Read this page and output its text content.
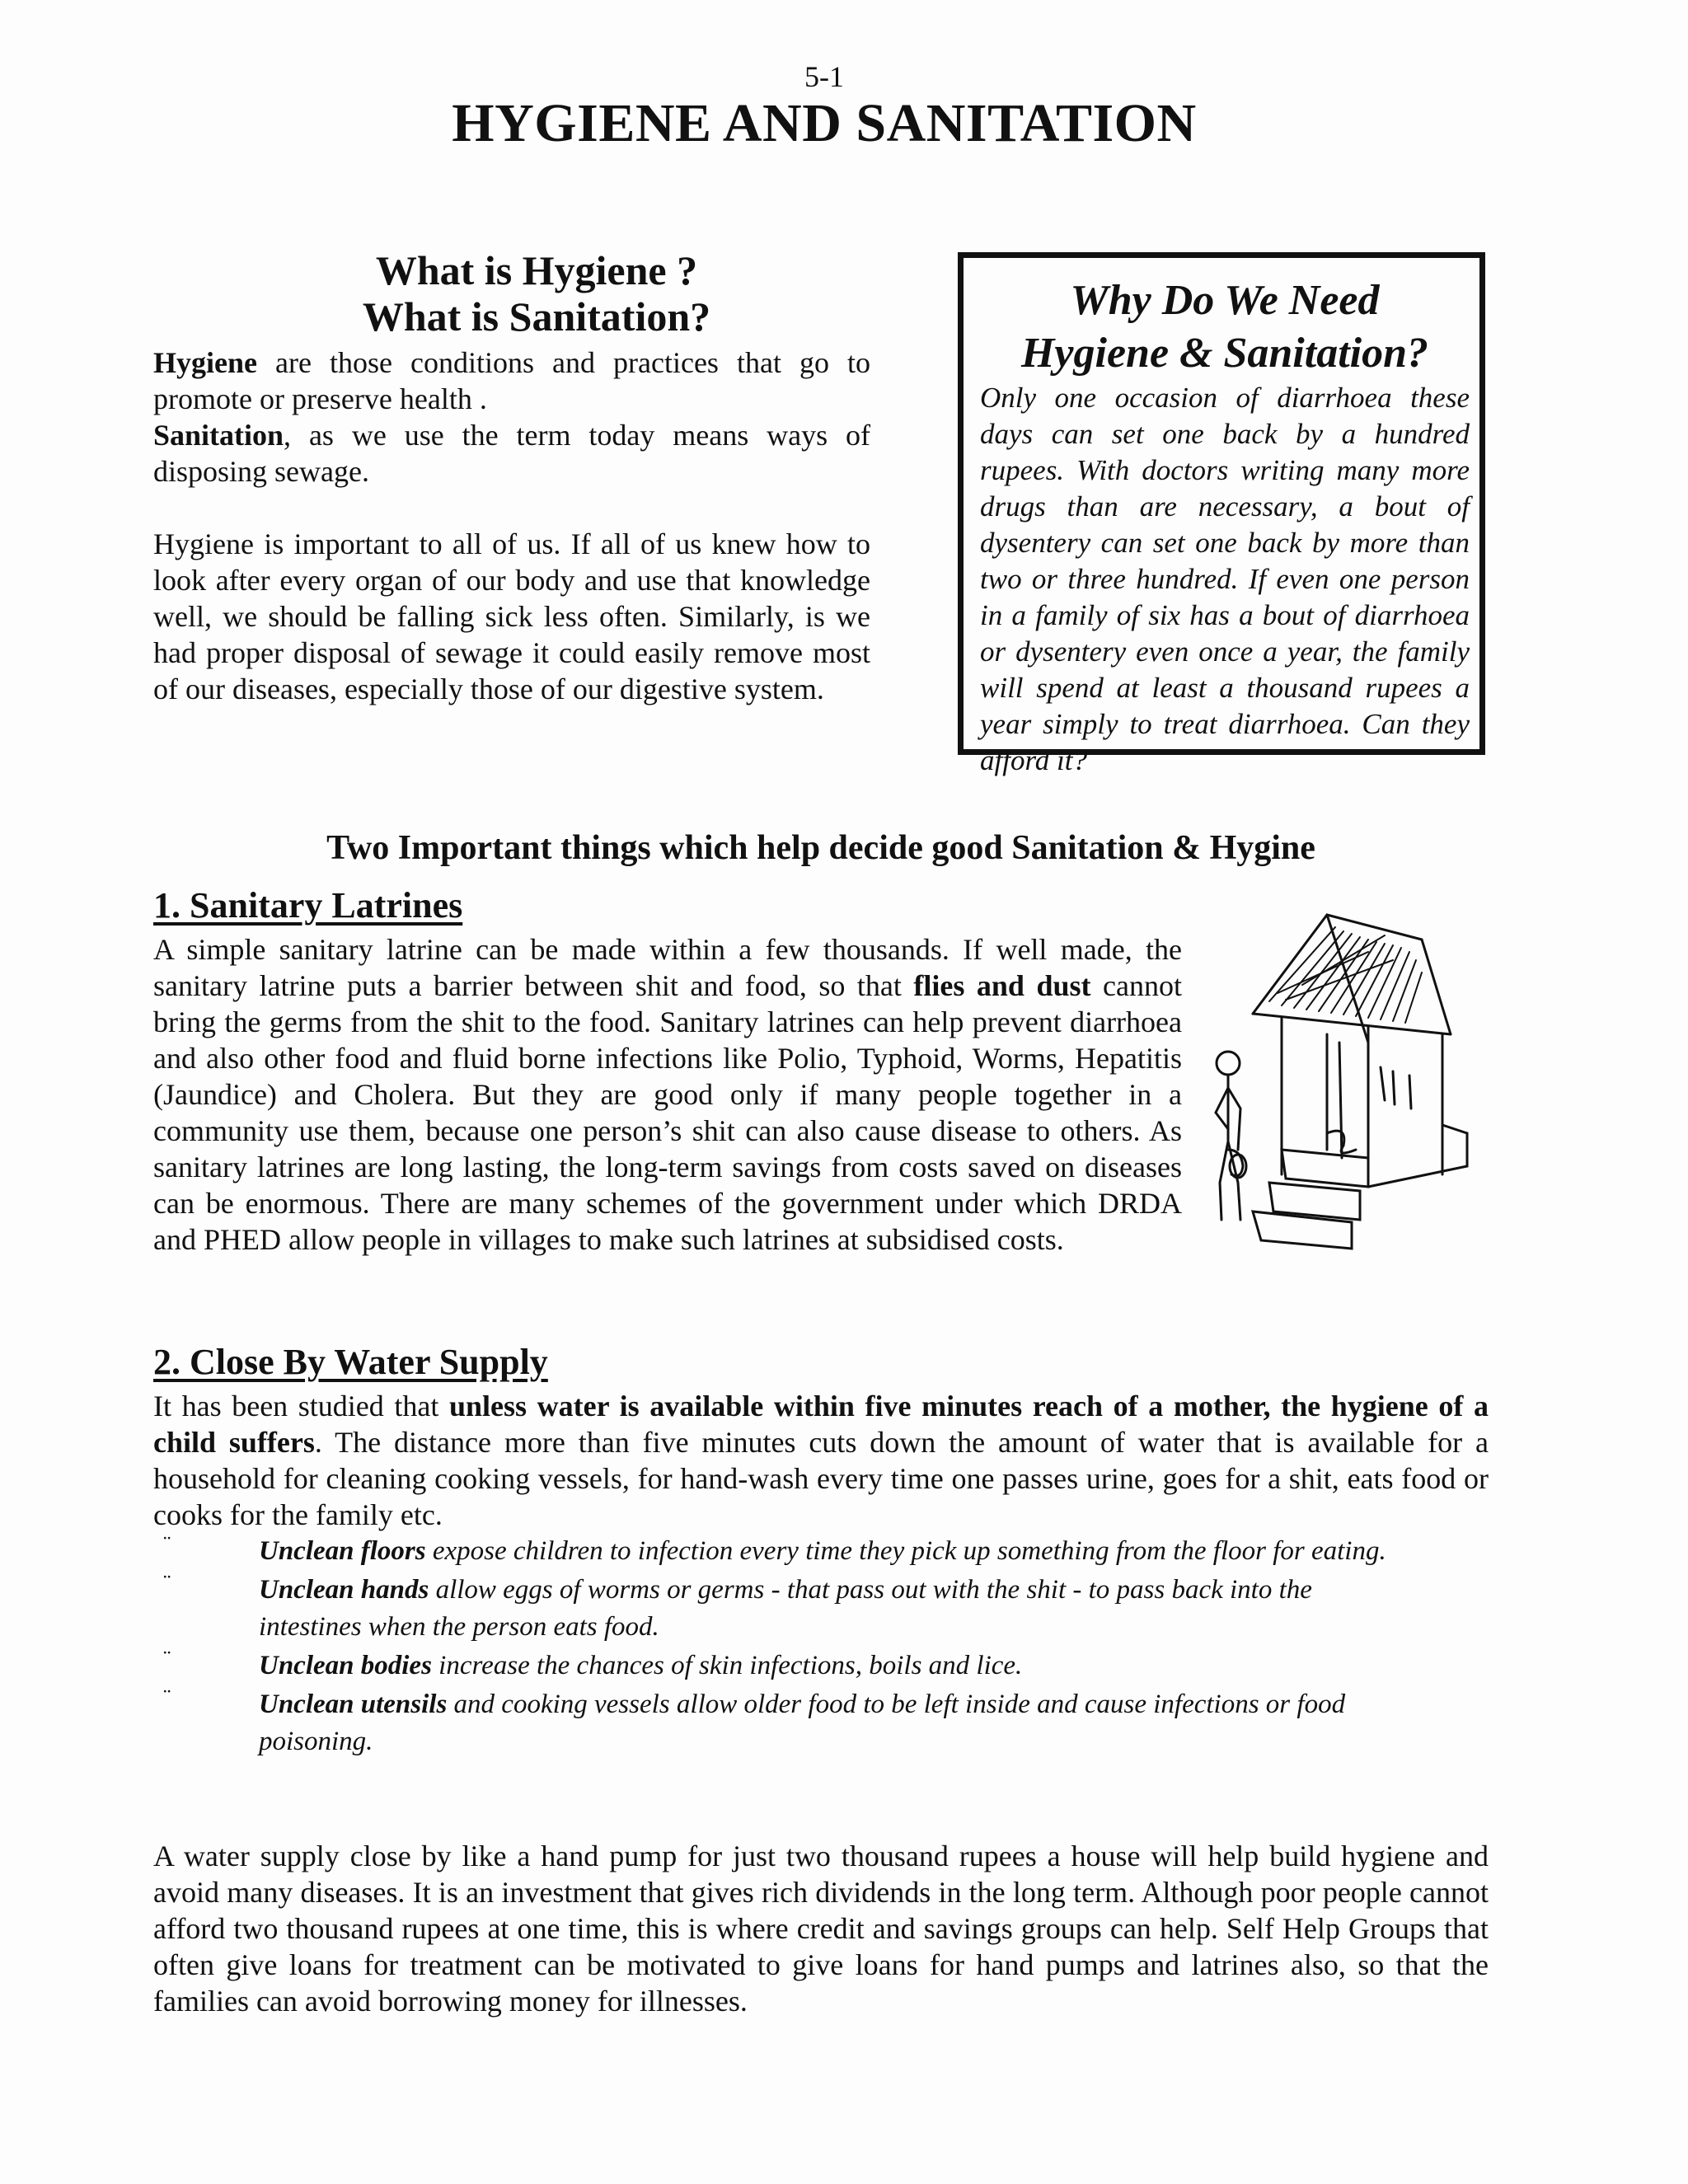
5-1
HYGIENE AND SANITATION
What is Hygiene ?
What is Sanitation?

Hygiene are those conditions and practices that go to promote or preserve health .

Sanitation, as we use the term today means ways of disposing sewage.

Hygiene is important to all of us. If all of us knew how to look after every organ of our body and use that knowledge well, we should be falling sick less often. Similarly, is we had proper disposal of sewage it could easily remove most of our diseases, especially those of our digestive system.

Why Do We Need
Hygiene & Sanitation?

Only one occasion of diarrhoea these days can set one back by a hundred rupees. With doctors writing many more drugs than are necessary, a bout of dysentery can set one back by more than two or three hundred. If even one person in a family of six has a bout of diarrhoea or dysentery even once a year, the family will spend at least a thousand rupees a year simply to treat diarrhoea. Can they afford it?

Two Important things which help decide good Sanitation & Hygine
1. Sanitary Latrines

A simple sanitary latrine can be made within a few thousands. If well made, the sanitary latrine puts a barrier between shit and food, so that flies and dust cannot bring the germs from the shit to the food. Sanitary latrines can help prevent diarrhoea and also other food and fluid borne infections like Polio, Typhoid, Worms, Hepatitis (Jaundice) and Cholera. But they are good only if many people together in a community use them, because one person’s shit can also cause disease to others. As sanitary latrines are long lasting, the long-term savings from costs saved on diseases can be enormous. There are many schemes of the government under which DRDA and PHED allow people in villages to make such latrines at subsidised costs.

2. Close By Water Supply

It has been studied that unless water is available within five minutes reach of a mother, the hygiene of a child suffers. The distance more than five minutes cuts down the amount of water that is available for a household for cleaning cooking vessels, for hand-wash every time one passes urine, goes for a shit, eats food or cooks for the family etc.

¨	Unclean floors expose children to infection every time they pick up something from the floor for eating.
¨	Unclean hands allow eggs of worms or germs - that pass out with the shit - to pass back into the intestines when the person eats food.
¨	Unclean bodies increase the chances of skin infections, boils and lice.
¨	Unclean utensils and cooking vessels allow older food to be left inside and cause infections or food poisoning.

A water supply close by like a hand pump for just two thousand rupees a house will help build hygiene and avoid many diseases. It is an investment that gives rich dividends in the long term. Although poor people cannot afford two thousand rupees at one time, this is where credit and savings groups can help. Self Help Groups that often give loans for treatment can be motivated to give loans for hand pumps and latrines also, so that the families can avoid borrowing money for illnesses.
